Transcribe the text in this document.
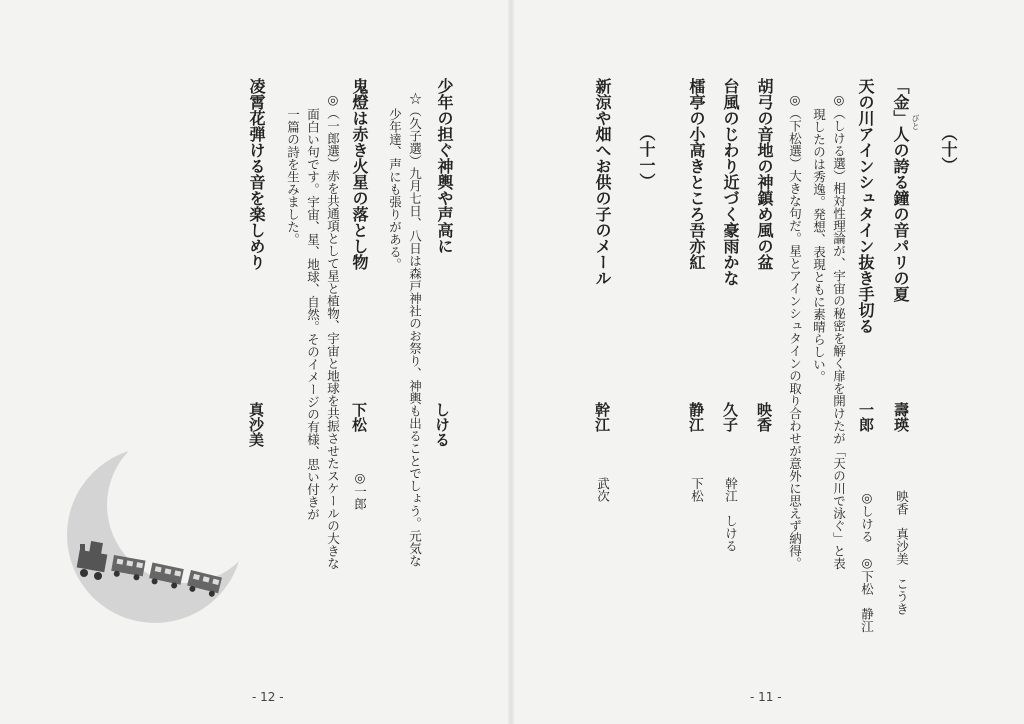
（十）
「金」人の誇る鐘の音パリの夏 びと
壽瑛
映香　真沙美　こうき
天の川アインシュタイン抜き手切る
一郎
◎しける　◎下松　静江
◎（しける選）相対性理論が、宇宙の秘密を解く扉を開けたが「天の川で泳ぐ」と表
現したのは秀逸。発想、表現ともに素晴らしい。
◎（下松選）大きな句だ。星とアインシュタインの取り合わせが意外に思えず納得。
胡弓の音地の神鎮め風の盆
映香
台風のじわり近づく豪雨かな
久子
幹江　しける
檑亭の小高きところ吾亦紅
静江
下松
（十一）
新涼や畑へお供の子のメール
幹江
武次
- 11 -
少年の担ぐ神輿や声高に
しける
☆（久子選）九月七日、八日は森戸神社のお祭り、神輿も出ることでしょう。元気な
少年達、声にも張りがある。
鬼燈は赤き火星の落とし物
下松
◎一郎
◎（一郎選）赤を共通項として星と植物、宇宙と地球を共振させたスケールの大きな
面白い句です。宇宙、星、地球、自然。そのイメージの有様、思い付きが
一篇の詩を生みました。
凌霄花弾ける音を楽しめり
真沙美
- 12 -
